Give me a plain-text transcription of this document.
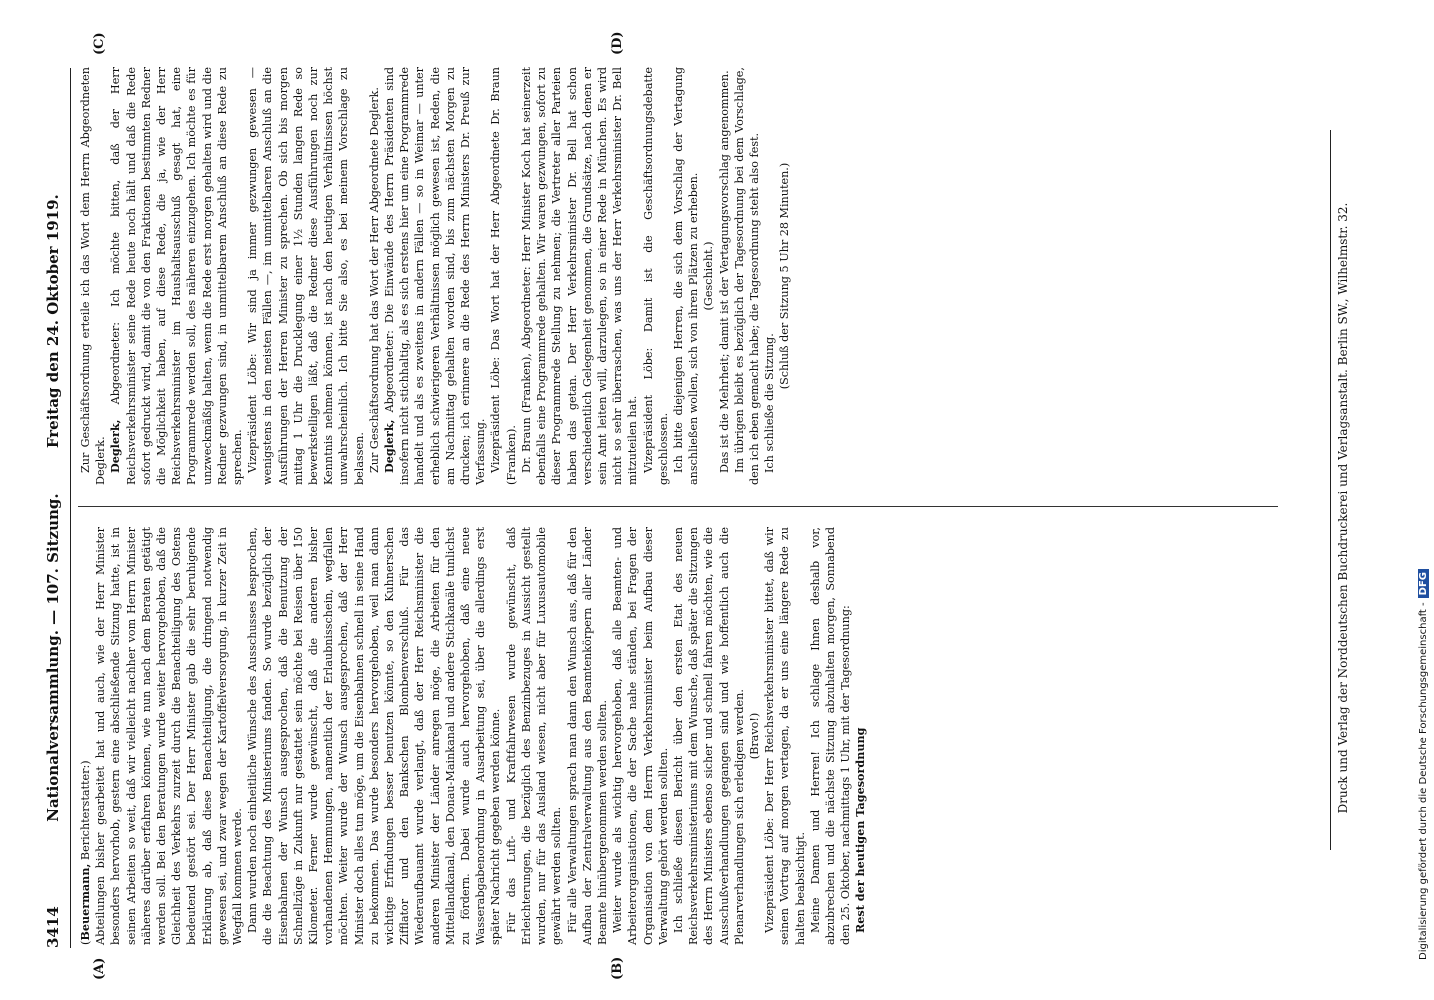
3414
Nationalversammlung. — 107. Sitzung. Freitag den 24. Oktober 1919.
(A)	(B)
(C)	(D)

(Beuermann, Berichterstatter:) Abteilungen bisher gearbeitet hat und auch, wie der Herr Minister besonders hervorhob, gestern eine abschließende Sitzung hatte, ist in seinen Arbeiten so weit, daß wir vielleicht nachher vom Herrn Minister näheres darüber erfahren können, wie nun nach dem Beraten getätigt werden soll. Bei den Beratungen wurde weiter hervorgehoben, daß die Gleichheit des Verkehrs zurzeit durch die Benachteiligung des Ostens bedeutend gestört sei. Der Herr Minister gab die sehr beruhigende Erklärung ab, daß diese Benachteiligung, die dringend notwendig gewesen sei, und zwar wegen der Kartoffelversorgung, in kurzer Zeit in Wegfall kommen werde. Dann wurden noch einheitliche Wünsche des Ausschusses besprochen, die die Beachtung des Ministeriums fanden. So wurde bezüglich der Eisenbahnen der Wunsch ausgesprochen, daß die Benutzung der Schnellzüge in Zukunft nur gestattet sein möchte bei Reisen über 150 Kilometer. Ferner wurde gewünscht, daß die anderen bisher vorhandenen Hemmungen, namentlich der Erlaubnisschein, wegfallen möchten. Weiter wurde der Wunsch ausgesprochen, daß der Herr Minister doch alles tun möge, um die Eisenbahnen schnell in seine Hand zu bekommen. Das wurde besonders hervorgehoben, weil man dann wichtige Erfindungen besser benutzen könnte, so den Kuhnerschen Zifflator und den Bankschen Blombenverschluß. Für das Wiederaufbauamt wurde verlangt, daß der Herr Reichsminister die anderen Minister der Länder anregen möge, die Arbeiten für den Mittellandkanal, den Donau-Mainkanal und andere Stichkanäle tunlichst zu fördern. Dabei wurde auch hervorgehoben, daß eine neue Wasserabgabenordnung in Ausarbeitung sei, über die allerdings erst später Nachricht gegeben werden könne. Für das Luft- und Kraftfahrwesen wurde gewünscht, daß Erleichterungen, die bezüglich des Benzinbezuges in Aussicht gestellt wurden, nur für das Ausland wiesen, nicht aber für Luxusautomobile gewährt werden sollten. Für alle Verwaltungen sprach man dann den Wunsch aus, daß für den Aufbau der Zentralverwaltung aus den Beamtenkörpern aller Länder Beamte hinübergenommen werden sollten. Weiter wurde als wichtig hervorgehoben, daß alle Beamten- und Arbeiterorganisationen, die der Sache nahe ständen, bei Fragen der Organisation von dem Herrn Verkehrsminister beim Aufbau dieser Verwaltung gehört werden sollten. Ich schließe diesen Bericht über den ersten Etat des neuen Reichsverkehrsministeriums mit dem Wunsche, daß später die Sitzungen des Herrn Ministers ebenso sicher und schnell fahren möchten, wie die Ausschußverhandlungen gegangen sind und wie hoffentlich auch die Plenarverhandlungen sich erledigen werden. (Bravo!) Vizepräsident Löbe: Der Herr Reichsverkehrsminister bittet, daß wir seinen Vortrag auf morgen vertagen, da er uns eine längere Rede zu halten beabsichtigt. Meine Damen und Herren! Ich schlage Ihnen deshalb vor, abzubrechen und die nächste Sitzung abzuhalten morgen, Sonnabend den 25. Oktober, nachmittags 1 Uhr, mit der Tagesordnung: Rest der heutigen Tagesordnung

Zur Geschäftsordnung erteile ich das Wort dem Herrn Abgeordneten Deglerk. Deglerk, Abgeordneter: Ich möchte bitten, daß der Herr Reichsverkehrsminister seine Rede heute noch hält und daß die Rede sofort gedruckt wird, damit die von den Fraktionen bestimmten Redner die Möglichkeit haben, auf diese Rede, die ja, wie der Herr Reichsverkehrsminister im Haushaltsausschuß gesagt hat, eine Programmrede werden soll, des näheren einzugehen. Ich möchte es für unzweckmäßig halten, wenn die Rede erst morgen gehalten wird und die Redner gezwungen sind, in unmittelbarem Anschluß an diese Rede zu sprechen. Vizepräsident Löbe: Wir sind ja immer gezwungen gewesen — wenigstens in den meisten Fällen —, im unmittelbaren Anschluß an die Ausführungen der Herren Minister zu sprechen. Ob sich bis morgen mittag 1 Uhr die Drucklegung einer 1½ Stunden langen Rede so bewerkstelligen läßt, daß die Redner diese Ausführungen noch zur Kenntnis nehmen können, ist nach den heutigen Verhältnissen höchst unwahrscheinlich. Ich bitte Sie also, es bei meinem Vorschlage zu belassen. Zur Geschäftsordnung hat das Wort der Herr Abgeordnete Deglerk. Deglerk, Abgeordneter: Die Einwände des Herrn Präsidenten sind insofern nicht stichhaltig, als es sich erstens hier um eine Programmrede handelt und als es zweitens in andern Fällen — so in Weimar — unter erheblich schwierigeren Verhältnissen möglich gewesen ist, Reden, die am Nachmittag gehalten worden sind, bis zum nächsten Morgen zu drucken; ich erinnere an die Rede des Herrn Ministers Dr. Preuß zur Verfassung. Vizepräsident Löbe: Das Wort hat der Herr Abgeordnete Dr. Braun (Franken). Dr. Braun (Franken), Abgeordneter: Herr Minister Koch hat seinerzeit ebenfalls eine Programmrede gehalten. Wir waren gezwungen, sofort zu dieser Programmrede Stellung zu nehmen; die Vertreter aller Parteien haben das getan. Der Herr Verkehrsminister Dr. Bell hat schon verschiedentlich Gelegenheit genommen, die Grundsätze, nach denen er sein Amt leiten will, darzulegen, so in einer Rede in München. Es wird nicht so sehr überraschen, was uns der Herr Verkehrsminister Dr. Bell mitzuteilen hat. Vizepräsident Löbe: Damit ist die Geschäftsordnungsdebatte geschlossen. Ich bitte diejenigen Herren, die sich dem Vorschlag der Vertagung anschließen wollen, sich von ihren Plätzen zu erheben. (Geschieht.) Das ist die Mehrheit; damit ist der Vertagungsvorschlag angenommen. Im übrigen bleibt es bezüglich der Tagesordnung bei dem Vorschlage, den ich eben gemacht habe; die Tagesordnung steht also fest. Ich schließe die Sitzung.

(Schluß der Sitzung 5 Uhr 28 Minuten.)	Druck und Verlag der Norddeutschen Buchdruckerei und Verlagsanstalt. Berlin SW., Wilhelmstr. 32.	Digitalisierung gefördert durch die Deutsche Forschungsgemeinschaft -DFG
